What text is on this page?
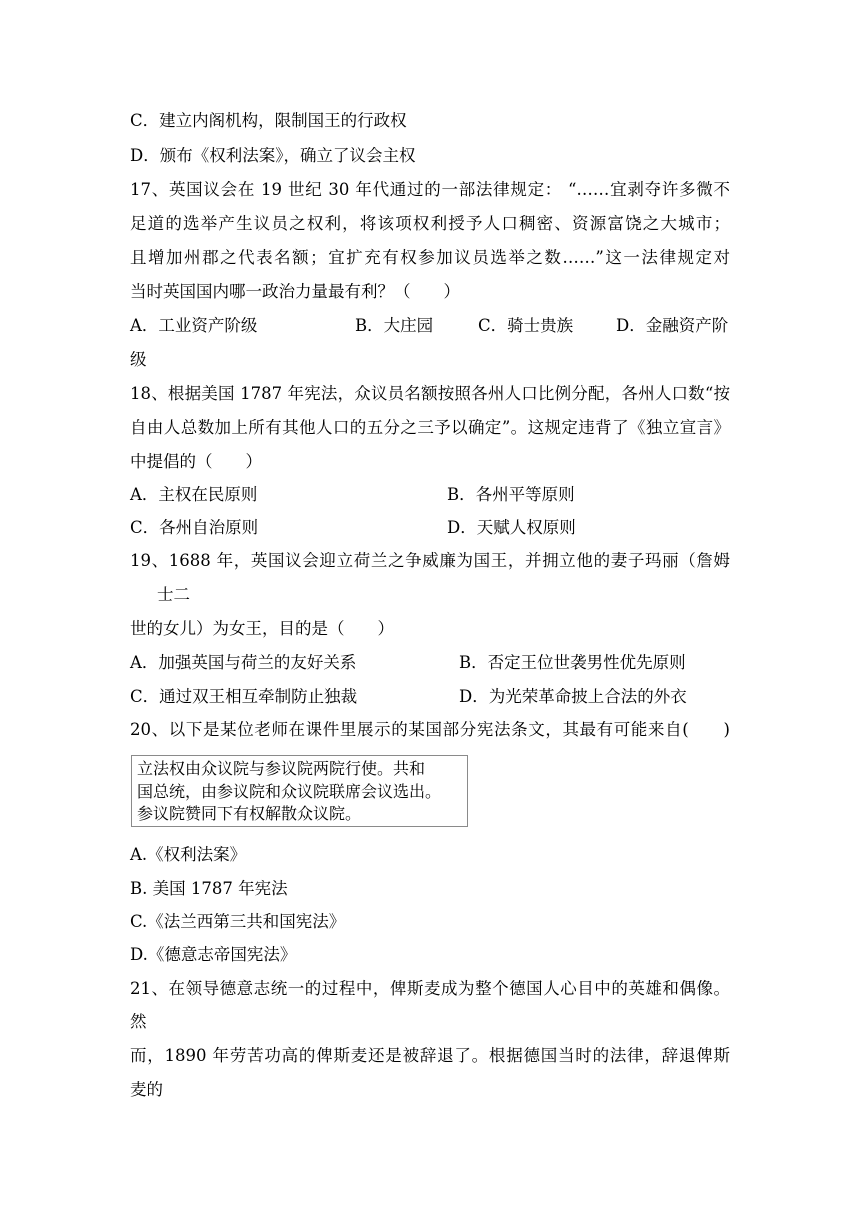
C．建立内阁机构，限制国王的行政权
D．颁布《权利法案》，确立了议会主权
17、英国议会在 19 世纪 30 年代通过的一部法律规定： “……宜剥夺许多微不
足道的选举产生议员之权利，将该项权利授予人口稠密、资源富饶之大城市；
且增加州郡之代表名额；宜扩充有权参加议员选举之数……”这一法律规定对
当时英国国内哪一政治力量最有利？（　　）
A．工业资产阶级	B．大庄园	C．骑士贵族	D．金融资产阶
级
18、根据美国 1787 年宪法，众议员名额按照各州人口比例分配，各州人口数“按
自由人总数加上所有其他人口的五分之三予以确定”。这规定违背了《独立宣言》
中提倡的（　　）
A．主权在民原则	B．各州平等原则
C．各州自治原则	D．天赋人权原则
19、1688 年，英国议会迎立荷兰之争威廉为国王，并拥立他的妻子玛丽（詹姆
士二
世的女儿）为女王，目的是（　　）
A．加强英国与荷兰的友好关系	B．否定王位世袭男性优先原则
C．通过双王相互牵制防止独裁	D．为光荣革命披上合法的外衣
20、以下是某位老师在课件里展示的某国部分宪法条文，其最有可能来自(　　)
立法权由众议院与参议院两院行使。共和
国总统，由参议院和众议院联席会议选出。
参议院赞同下有权解散众议院。
A.《权利法案》
B. 美国 1787 年宪法
C.《法兰西第三共和国宪法》
D.《德意志帝国宪法》
21、在领导德意志统一的过程中，俾斯麦成为整个德国人心目中的英雄和偶像。
然
而，1890 年劳苦功高的俾斯麦还是被辞退了。根据德国当时的法律，辞退俾斯
麦的
